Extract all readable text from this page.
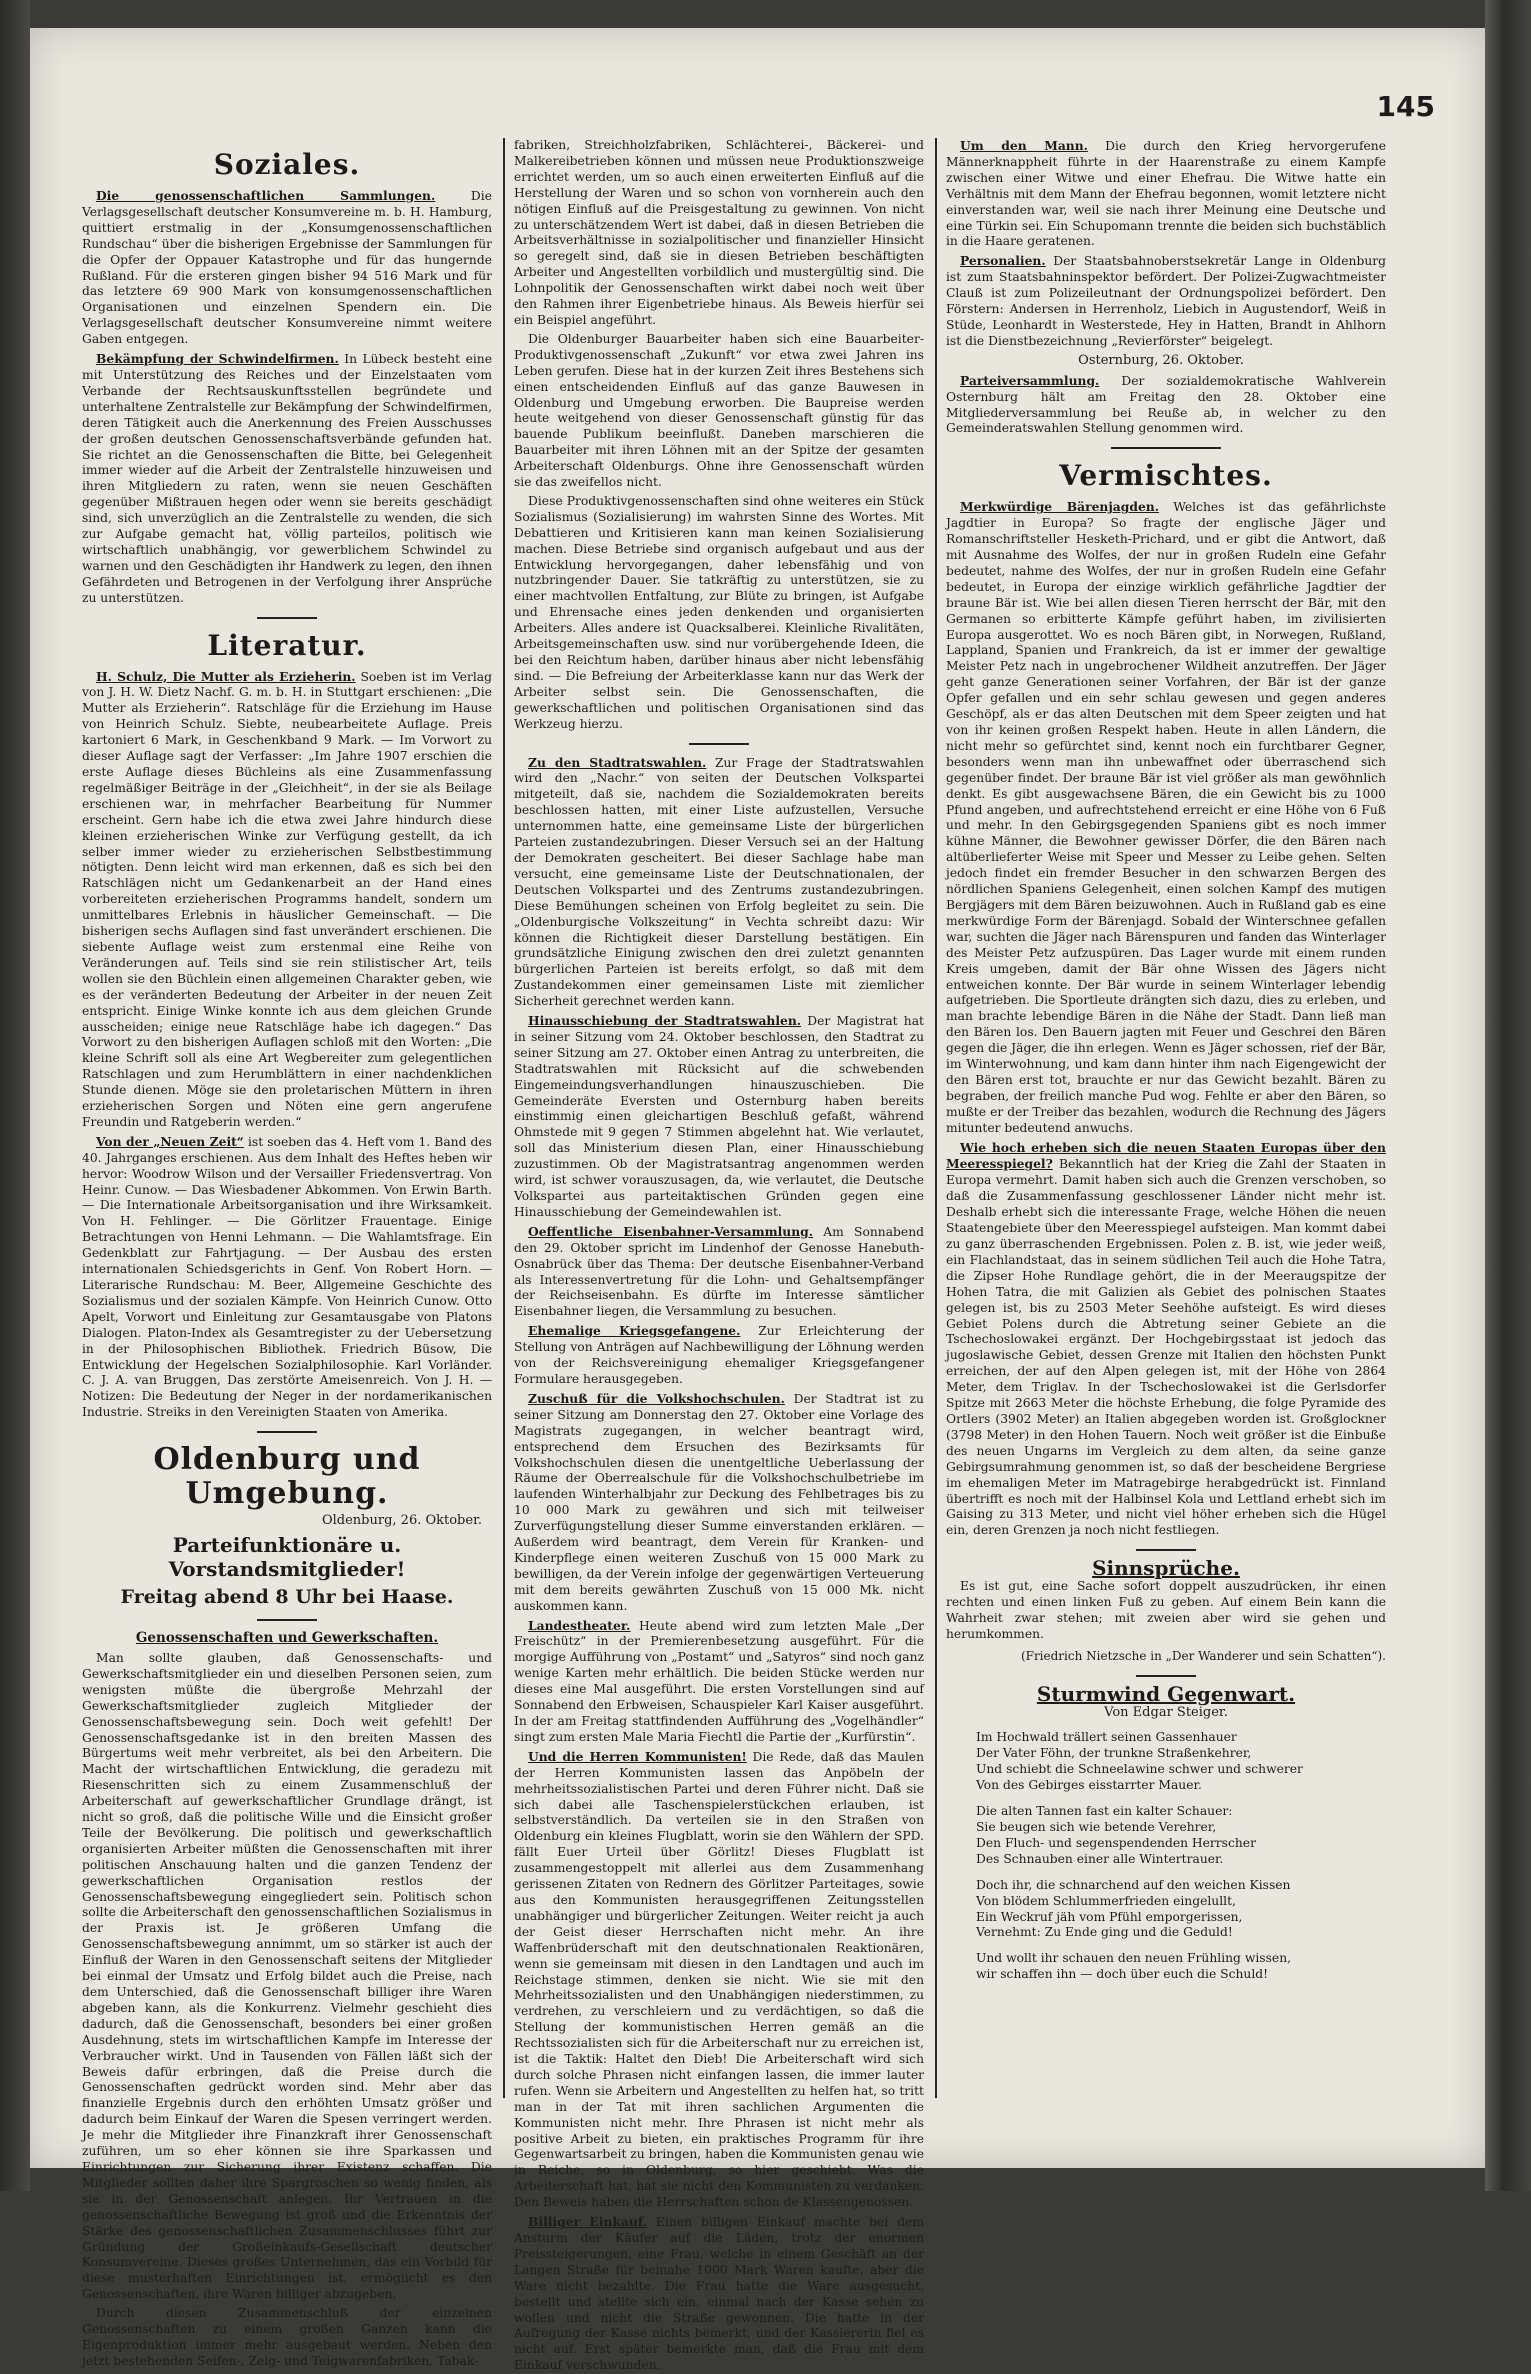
145
Soziales.

Die genossenschaftlichen Sammlungen.	Die Verlagsgesellschaft deutscher Konsumvereine m. b. H. Hamburg, quittiert erstmalig in der „Konsumgenossenschaftlichen Rundschau“ über die bisherigen Ergebnisse der Sammlungen für die Opfer der Oppauer Katastrophe und für das hungernde Rußland. Für die ersteren gingen bisher 94 516 Mark und für das letztere 69 900 Mark von konsumgenossenschaftlichen Organisationen und einzelnen Spendern ein. Die Verlagsgesellschaft deutscher Konsumvereine nimmt weitere Gaben entgegen.

Bekämpfung der Schwindelfirmen. In Lübeck besteht eine mit Unterstützung des Reiches und der Einzelstaaten vom Verbande der Rechtsauskunftsstellen begründete und unterhaltene Zentralstelle zur Bekämpfung der Schwindelfirmen, deren Tätigkeit auch die Anerkennung des Freien Ausschusses der großen deutschen Genossenschaftsverbände gefunden hat. Sie richtet an die Genossenschaften die Bitte, bei Gelegenheit immer wieder auf die Arbeit der Zentralstelle hinzuweisen und ihren Mitgliedern zu raten, wenn sie neuen Geschäften gegenüber Mißtrauen hegen oder wenn sie bereits geschädigt sind, sich unverzüglich an die Zentralstelle zu wenden, die sich zur Aufgabe gemacht hat, völlig parteilos, politisch wie wirtschaftlich unabhängig, vor gewerblichem Schwindel zu warnen und den Geschädigten ihr Handwerk zu legen, den ihnen Gefährdeten und Betrogenen in der Verfolgung ihrer Ansprüche zu unterstützen.

Literatur.

H. Schulz, Die Mutter als Erzieherin. Soeben ist im Verlag von J. H. W. Dietz Nachf. G. m. b. H. in Stuttgart erschienen: „Die Mutter als Erzieherin“. Ratschläge für die Erziehung im Hause von Heinrich Schulz. Siebte, neubearbeitete Auflage. Preis kartoniert 6 Mark, in Geschenkband 9 Mark. — Im Vorwort zu dieser Auflage sagt der Verfasser: „Im Jahre 1907 erschien die erste Auflage dieses Büchleins als eine Zusammenfassung regelmäßiger Beiträge in der „Gleichheit“, in der sie als Beilage erschienen war, in mehrfacher Bearbeitung für Nummer erscheint. Gern habe ich die etwa zwei Jahre hindurch diese kleinen erzieherischen Winke zur Verfügung gestellt, da ich selber immer wieder zu erzieherischen Selbstbestimmung nötigten. Denn leicht wird man erkennen, daß es sich bei den Ratschlägen nicht um Gedankenarbeit an der Hand eines vorbereiteten erzieherischen Programms handelt, sondern um unmittelbares Erlebnis in häuslicher Gemeinschaft. — Die bisherigen sechs Auflagen sind fast unverändert erschienen. Die siebente Auflage weist zum erstenmal eine Reihe von Veränderungen auf. Teils sind sie rein stilistischer Art, teils wollen sie den Büchlein einen allgemeinen Charakter geben, wie es der veränderten Bedeutung der Arbeiter in der neuen Zeit entspricht. Einige Winke konnte ich aus dem gleichen Grunde ausscheiden; einige neue Ratschläge habe ich dagegen.“ Das Vorwort zu den bisherigen Auflagen schloß mit den Worten: „Die kleine Schrift soll als eine Art Wegbereiter zum gelegentlichen Ratschlagen und zum Herumblättern in einer nachdenklichen Stunde dienen. Möge sie den proletarischen Müttern in ihren erzieherischen Sorgen und Nöten eine gern angerufene Freundin und Ratgeberin werden.“

Von der „Neuen Zeit“ ist soeben das 4. Heft vom 1. Band des 40. Jahrganges erschienen. Aus dem Inhalt des Heftes heben wir hervor: Woodrow Wilson und der Versailler Friedensvertrag. Von Heinr. Cunow. — Das Wiesbadener Abkommen. Von Erwin Barth. — Die Internationale Arbeitsorganisation und ihre Wirksamkeit. Von H. Fehlinger. — Die Görlitzer Frauentage. Einige Betrachtungen von Henni Lehmann. — Die Wahlamtsfrage. Ein Gedenkblatt zur Fahrtjagung. — Der Ausbau des ersten internationalen Schiedsgerichts in Genf. Von Robert Horn. — Literarische Rundschau: M. Beer, Allgemeine Geschichte des Sozialismus und der sozialen Kämpfe. Von Heinrich Cunow. Otto Apelt, Vorwort und Einleitung zur Gesamtausgabe von Platons Dialogen. Platon-Index als Gesamtregister zu der Uebersetzung in der Philosophischen Bibliothek. Friedrich Büsow, Die Entwicklung der Hegelschen Sozialphilosophie. Karl Vorländer. C. J. A. van Bruggen, Das zerstörte Ameisenreich. Von J. H. — Notizen: Die Bedeutung der Neger in der nordamerikanischen Industrie. Streiks in den Vereinigten Staaten von Amerika.

Oldenburg und Umgebung.
Oldenburg, 26. Oktober.
Parteifunktionäre u. Vorstandsmitglieder!
Freitag abend 8 Uhr bei Haase.
Genossenschaften und Gewerkschaften.

Man sollte glauben, daß Genossenschafts- und Gewerkschaftsmitglieder ein und dieselben Personen seien, zum wenigsten müßte die übergroße Mehrzahl der Gewerkschaftsmitglieder zugleich Mitglieder der Genossenschaftsbewegung sein. Doch weit gefehlt! Der Genossenschaftsgedanke ist in den breiten Massen des Bürgertums weit mehr verbreitet, als bei den Arbeitern. Die Macht der wirtschaftlichen Entwicklung, die geradezu mit Riesenschritten sich zu einem Zusammenschluß der Arbeiterschaft auf gewerkschaftlicher Grundlage drängt, ist nicht so groß, daß die politische Wille und die Einsicht großer Teile der Bevölkerung. Die politisch und gewerkschaftlich organisierten Arbeiter müßten die Genossenschaften mit ihrer politischen Anschauung halten und die ganzen Tendenz der gewerkschaftlichen Organisation restlos der Genossenschaftsbewegung eingegliedert sein. Politisch schon sollte die Arbeiterschaft den genossenschaftlichen Sozialismus in der Praxis ist. Je größeren Umfang die Genossenschaftsbewegung annimmt, um so stärker ist auch der Einfluß der Waren in den Genossenschaft seitens der Mitglieder bei einmal der Umsatz und Erfolg bildet auch die Preise, nach dem Unterschied, daß die Genossenschaft billiger ihre Waren abgeben kann, als die Konkurrenz. Vielmehr geschieht dies dadurch, daß die Genossenschaft, besonders bei einer großen Ausdehnung, stets im wirtschaftlichen Kampfe im Interesse der Verbraucher wirkt. Und in Tausenden von Fällen läßt sich der Beweis dafür erbringen, daß die Preise durch die Genossenschaften gedrückt worden sind. Mehr aber das finanzielle Ergebnis durch den erhöhten Umsatz größer und dadurch beim Einkauf der Waren die Spesen verringert werden. Je mehr die Mitglieder ihre Finanzkraft ihrer Genossenschaft zuführen, um so eher können sie ihre Sparkassen und Einrichtungen zur Sicherung ihrer Existenz schaffen. Die Mitglieder sollten daher ihre Spargroschen so wenig finden, als sie in der Genossenschaft anlegen. Ihr Vertrauen in die genossenschaftliche Bewegung ist groß und die Erkenntnis der Stärke des genossenschaftlichen Zusammenschlusses führt zur Gründung der Großeinkaufs-Gesellschaft deutscher Konsumvereine. Dieses großes Unternehmen, das ein Vorbild für diese musterhaften Einrichtungen ist, ermöglicht es den Genossenschaften, ihre Waren billiger abzugeben.

Durch diesen Zusammenschluß der einzelnen Genossenschaften zu einem großen Ganzen kann die Eigenproduktion immer mehr ausgebaut werden. Neben den jetzt bestehenden Seifen-, Zeig- und Teigwarenfabriken, Tabak-

fabriken, Streichholzfabriken, Schlächterei-, Bäckerei- und Malkereibetrieben können und müssen neue Produktionszweige errichtet werden, um so auch einen erweiterten Einfluß auf die Herstellung der Waren und so schon von vornherein auch den nötigen Einfluß auf die Preisgestaltung zu gewinnen. Von nicht zu unterschätzendem Wert ist dabei, daß in diesen Betrieben die Arbeitsverhältnisse in sozialpolitischer und finanzieller Hinsicht so geregelt sind, daß sie in diesen Betrieben beschäftigten Arbeiter und Angestellten vorbildlich und mustergültig sind. Die Lohnpolitik der Genossenschaften wirkt dabei noch weit über den Rahmen ihrer Eigenbetriebe hinaus. Als Beweis hierfür sei ein Beispiel angeführt.

Die Oldenburger Bauarbeiter haben sich eine Bauarbeiter-Produktivgenossenschaft „Zukunft“ vor etwa zwei Jahren ins Leben gerufen. Diese hat in der kurzen Zeit ihres Bestehens sich einen entscheidenden Einfluß auf das ganze Bauwesen in Oldenburg und Umgebung erworben. Die Baupreise werden heute weitgehend von dieser Genossenschaft günstig für das bauende Publikum beeinflußt. Daneben marschieren die Bauarbeiter mit ihren Löhnen mit an der Spitze der gesamten Arbeiterschaft Oldenburgs. Ohne ihre Genossenschaft würden sie das zweifellos nicht.

Diese Produktivgenossenschaften sind ohne weiteres ein Stück Sozialismus (Sozialisierung) im wahrsten Sinne des Wortes. Mit Debattieren und Kritisieren kann man keinen Sozialisierung machen. Diese Betriebe sind organisch aufgebaut und aus der Entwicklung hervorgegangen, daher lebensfähig und von nutzbringender Dauer. Sie tatkräftig zu unterstützen, sie zu einer machtvollen Entfaltung, zur Blüte zu bringen, ist Aufgabe und Ehrensache eines jeden denkenden und organisierten Arbeiters. Alles andere ist Quacksalberei. Kleinliche Rivalitäten, Arbeitsgemeinschaften usw. sind nur vorübergehende Ideen, die bei den Reichtum haben, darüber hinaus aber nicht lebensfähig sind. — Die Befreiung der Arbeiterklasse kann nur das Werk der Arbeiter selbst sein. Die Genossenschaften, die gewerkschaftlichen und politischen Organisationen sind das Werkzeug hierzu.

Zu den Stadtratswahlen. Zur Frage der Stadtratswahlen wird den „Nachr.“ von seiten der Deutschen Volkspartei mitgeteilt, daß sie, nachdem die Sozialdemokraten bereits beschlossen hatten, mit einer Liste aufzustellen, Versuche unternommen hatte, eine gemeinsame Liste der bürgerlichen Parteien zustandezubringen. Dieser Versuch sei an der Haltung der Demokraten gescheitert. Bei dieser Sachlage habe man versucht, eine gemeinsame Liste der Deutschnationalen, der Deutschen Volkspartei und des Zentrums zustandezubringen. Diese Bemühungen scheinen von Erfolg begleitet zu sein. Die „Oldenburgische Volkszeitung“ in Vechta schreibt dazu: Wir können die Richtigkeit dieser Darstellung bestätigen. Ein grundsätzliche Einigung zwischen den drei zuletzt genannten bürgerlichen Parteien ist bereits erfolgt, so daß mit dem Zustandekommen einer gemeinsamen Liste mit ziemlicher Sicherheit gerechnet werden kann.

Hinausschiebung der Stadtratswahlen. Der Magistrat hat in seiner Sitzung vom 24. Oktober beschlossen, den Stadtrat zu seiner Sitzung am 27. Oktober einen Antrag zu unterbreiten, die Stadtratswahlen mit Rücksicht auf die schwebenden Eingemeindungsverhandlungen hinauszuschieben. Die Gemeinderäte Eversten und Osternburg haben bereits einstimmig einen gleichartigen Beschluß gefaßt, während Ohmstede mit 9 gegen 7 Stimmen abgelehnt hat. Wie verlautet, soll das Ministerium diesen Plan, einer Hinausschiebung zuzustimmen. Ob der Magistratsantrag angenommen werden wird, ist schwer vorauszusagen, da, wie verlautet, die Deutsche Volkspartei aus parteitaktischen Gründen gegen eine Hinausschiebung der Gemeindewahlen ist.

Oeffentliche Eisenbahner-Versammlung. Am Sonnabend den 29. Oktober spricht im Lindenhof der Genosse Hanebuth-Osnabrück über das Thema: Der deutsche Eisenbahner-Verband als Interessenvertretung für die Lohn- und Gehaltsempfänger der Reichseisenbahn. Es dürfte im Interesse sämtlicher Eisenbahner liegen, die Versammlung zu besuchen.

Ehemalige Kriegsgefangene. Zur Erleichterung der Stellung von Anträgen auf Nachbewilligung der Löhnung werden von der Reichsvereinigung ehemaliger Kriegsgefangener Formulare herausgegeben.

Zuschuß für die Volkshochschulen. Der Stadtrat ist zu seiner Sitzung am Donnerstag den 27. Oktober eine Vorlage des Magistrats zugegangen, in welcher beantragt wird, entsprechend dem Ersuchen des Bezirksamts für Volkshochschulen diesen die unentgeltliche Ueberlassung der Räume der Oberrealschule für die Volkshochschulbetriebe im laufenden Winterhalbjahr zur Deckung des Fehlbetrages bis zu 10 000 Mark zu gewähren und sich mit teilweiser Zurverfügungstellung dieser Summe einverstanden erklären. — Außerdem wird beantragt, dem Verein für Kranken- und Kinderpflege einen weiteren Zuschuß von 15 000 Mark zu bewilligen, da der Verein infolge der gegenwärtigen Verteuerung mit dem bereits gewährten Zuschuß von 15 000 Mk. nicht auskommen kann.

Landestheater. Heute abend wird zum letzten Male „Der Freischütz“ in der Premierenbesetzung ausgeführt. Für die morgige Aufführung von „Postamt“ und „Satyros“ sind noch ganz wenige Karten mehr erhältlich. Die beiden Stücke werden nur dieses eine Mal ausgeführt. Die ersten Vorstellungen sind auf Sonnabend den Erbweisen, Schauspieler Karl Kaiser ausgeführt. In der am Freitag stattfindenden Aufführung des „Vogelhändler“ singt zum ersten Male Maria Fiechtl die Partie der „Kurfürstin“.

Und die Herren Kommunisten! Die Rede, daß das Maulen der Herren Kommunisten lassen das Anpöbeln der mehrheitssozialistischen Partei und deren Führer nicht. Daß sie sich dabei alle Taschenspielerstückchen erlauben, ist selbstverständlich. Da verteilen sie in den Straßen von Oldenburg ein kleines Flugblatt, worin sie den Wählern der SPD. fällt Euer Urteil über Görlitz! Dieses Flugblatt ist zusammengestoppelt mit allerlei aus dem Zusammenhang gerissenen Zitaten von Rednern des Görlitzer Parteitages, sowie aus den Kommunisten herausgegriffenen Zeitungsstellen unabhängiger und bürgerlicher Zeitungen. Weiter reicht ja auch der Geist dieser Herrschaften nicht mehr. An ihre Waffenbrüderschaft mit den deutschnationalen Reaktionären, wenn sie gemeinsam mit diesen in den Landtagen und auch im Reichstage stimmen, denken sie nicht. Wie sie mit den Mehrheitssozialisten und den Unabhängigen niederstimmen, zu verdrehen, zu verschleiern und zu verdächtigen, so daß die Stellung der kommunistischen Herren gemäß an die Rechtssozialisten sich für die Arbeiterschaft nur zu erreichen ist, ist die Taktik: Haltet den Dieb! Die Arbeiterschaft wird sich durch solche Phrasen nicht einfangen lassen, die immer lauter rufen. Wenn sie Arbeitern und Angestellten zu helfen hat, so tritt man in der Tat mit ihren sachlichen Argumenten die Kommunisten nicht mehr. Ihre Phrasen ist nicht mehr als positive Arbeit zu bieten, ein praktisches Programm für ihre Gegenwartsarbeit zu bringen, haben die Kommunisten genau wie in Reiche, so in Oldenburg, so hier geschieht. Was die Arbeiterschaft hat, hat sie nicht den Kommunisten zu verdanken. Den Beweis haben die Herrschaften schon de Klassengenossen.

Billiger Einkauf. Einen billigen Einkauf machte bei dem Ansturm der Käufer auf die Läden, trotz der enormen Preissteigerungen, eine Frau, welche in einem Geschäft an der Langen Straße für beinahe 1000 Mark Waren kaufte, aber die Ware nicht bezahlte. Die Frau hatte die Ware ausgesucht, bestellt und stellte sich ein, einmal nach der Kasse sehen zu wollen und nicht die Straße gewonnen. Die hatte in der Aufregung der Kasse nichts bemerkt, und der Kassiererin fiel es nicht auf. Erst später bemerkte man, daß die Frau mit dem Einkauf verschwunden.

Um den Mann. Die durch den Krieg hervorgerufene Männerknappheit führte in der Haarenstraße zu einem Kampfe zwischen einer Witwe und einer Ehefrau. Die Witwe hatte ein Verhältnis mit dem Mann der Ehefrau begonnen, womit letztere nicht einverstanden war, weil sie nach ihrer Meinung eine Deutsche und eine Türkin sei. Ein Schupomann trennte die beiden sich buchstäblich in die Haare geratenen.

Personalien. Der Staatsbahnoberstsekretär Lange in Oldenburg ist zum Staatsbahninspektor befördert. Der Polizei-Zugwachtmeister Clauß ist zum Polizeileutnant der Ordnungspolizei befördert. Den Förstern: Andersen in Herrenholz, Liebich in Augustendorf, Weiß in Stüde, Leonhardt in Westerstede, Hey in Hatten, Brandt in Ahlhorn ist die Dienstbezeichnung „Revierförster“ beigelegt.

Osternburg, 26. Oktober.

Parteiversammlung. Der sozialdemokratische Wahlverein Osternburg hält am Freitag den 28. Oktober eine Mitgliederversammlung bei Reuße ab, in welcher zu den Gemeinderatswahlen Stellung genommen wird.

Vermischtes.

Merkwürdige Bärenjagden. Welches ist das gefährlichste Jagdtier in Europa? So fragte der englische Jäger und Romanschriftsteller Hesketh-Prichard, und er gibt die Antwort, daß mit Ausnahme des Wolfes, der nur in großen Rudeln eine Gefahr bedeutet, nahme des Wolfes, der nur in großen Rudeln eine Gefahr bedeutet, in Europa der einzige wirklich gefährliche Jagdtier der braune Bär ist. Wie bei allen diesen Tieren herrscht der Bär, mit den Germanen so erbitterte Kämpfe geführt haben, im zivilisierten Europa ausgerottet. Wo es noch Bären gibt, in Norwegen, Rußland, Lappland, Spanien und Frankreich, da ist er immer der gewaltige Meister Petz nach in ungebrochener Wildheit anzutreffen. Der Jäger geht ganze Generationen seiner Vorfahren, der Bär ist der ganze Opfer gefallen und ein sehr schlau gewesen und gegen anderes Geschöpf, als er das alten Deutschen mit dem Speer zeigten und hat von ihr keinen großen Respekt haben. Heute in allen Ländern, die nicht mehr so gefürchtet sind, kennt noch ein furchtbarer Gegner, besonders wenn man ihn unbewaffnet oder überraschend sich gegenüber findet. Der braune Bär ist viel größer als man gewöhnlich denkt. Es gibt ausgewachsene Bären, die ein Gewicht bis zu 1000 Pfund angeben, und aufrechtstehend erreicht er eine Höhe von 6 Fuß und mehr. In den Gebirgsgegenden Spaniens gibt es noch immer kühne Männer, die Bewohner gewisser Dörfer, die den Bären nach altüberlieferter Weise mit Speer und Messer zu Leibe gehen. Selten jedoch findet ein fremder Besucher in den schwarzen Bergen des nördlichen Spaniens Gelegenheit, einen solchen Kampf des mutigen Bergjägers mit dem Bären beizuwohnen. Auch in Rußland gab es eine merkwürdige Form der Bärenjagd. Sobald der Winterschnee gefallen war, suchten die Jäger nach Bärenspuren und fanden das Winterlager des Meister Petz aufzuspüren. Das Lager wurde mit einem runden Kreis umgeben, damit der Bär ohne Wissen des Jägers nicht entweichen konnte. Der Bär wurde in seinem Winterlager lebendig aufgetrieben. Die Sportleute drängten sich dazu, dies zu erleben, und man brachte lebendige Bären in die Nähe der Stadt. Dann ließ man den Bären los. Den Bauern jagten mit Feuer und Geschrei den Bären gegen die Jäger, die ihn erlegen. Wenn es Jäger schossen, rief der Bär, im Winterwohnung, und kam dann hinter ihm nach Eigengewicht der den Bären erst tot, brauchte er nur das Gewicht bezahlt. Bären zu begraben, der freilich manche Pud wog. Fehlte er aber den Bären, so mußte er der Treiber das bezahlen, wodurch die Rechnung des Jägers mitunter bedeutend anwuchs.

Wie hoch erheben sich die neuen Staaten Europas über den Meeresspiegel? Bekanntlich hat der Krieg die Zahl der Staaten in Europa vermehrt. Damit haben sich auch die Grenzen verschoben, so daß die Zusammenfassung geschlossener Länder nicht mehr ist. Deshalb erhebt sich die interessante Frage, welche Höhen die neuen Staatengebiete über den Meeresspiegel aufsteigen. Man kommt dabei zu ganz überraschenden Ergebnissen. Polen z. B. ist, wie jeder weiß, ein Flachlandstaat, das in seinem südlichen Teil auch die Hohe Tatra, die Zipser Hohe Rundlage gehört, die in der Meeraugspitze der Hohen Tatra, die mit Galizien als Gebiet des polnischen Staates gelegen ist, bis zu 2503 Meter Seehöhe aufsteigt. Es wird dieses Gebiet Polens durch die Abtretung seiner Gebiete an die Tschechoslowakei ergänzt. Der Hochgebirgsstaat ist jedoch das jugoslawische Gebiet, dessen Grenze mit Italien den höchsten Punkt erreichen, der auf den Alpen gelegen ist, mit der Höhe von 2864 Meter, dem Triglav. In der Tschechoslowakei ist die Gerlsdorfer Spitze mit 2663 Meter die höchste Erhebung, die folge Pyramide des Ortlers (3902 Meter) an Italien abgegeben worden ist. Großglockner (3798 Meter) in den Hohen Tauern. Noch weit größer ist die Einbuße des neuen Ungarns im Vergleich zu dem alten, da seine ganze Gebirgsumrahmung genommen ist, so daß der bescheidene Bergriese im ehemaligen Meter im Matragebirge herabgedrückt ist. Finnland übertrifft es noch mit der Halbinsel Kola und Lettland erhebt sich im Gaising zu 313 Meter, und nicht viel höher erheben sich die Hügel ein, deren Grenzen ja noch nicht festliegen.

Sinnsprüche.

Es ist gut, eine Sache sofort doppelt auszudrücken, ihr einen rechten und einen linken Fuß zu geben. Auf einem Bein kann die Wahrheit zwar stehen; mit zweien aber wird sie gehen und herumkommen.

(Friedrich Nietzsche in „Der Wanderer und sein Schatten“).
Sturmwind Gegenwart.
Von Edgar Steiger.
Im Hochwald trällert seinen Gassenhauer
Der Vater Föhn, der trunkne Straßenkehrer,
Und schiebt die Schneelawine schwer und schwerer
Von des Gebirges eisstarrter Mauer.
Die alten Tannen fast ein kalter Schauer:
Sie beugen sich wie betende Verehrer,
Den Fluch- und segenspendenden Herrscher
Des Schnauben einer alle Wintertrauer.
Doch ihr, die schnarchend auf den weichen Kissen
Von blödem Schlummerfrieden eingelullt,
Ein Weckruf jäh vom Pfühl emporgerissen,
Vernehmt: Zu Ende ging und die Geduld!
Und wollt ihr schauen den neuen Frühling wissen,
wir schaffen ihn — doch über euch die Schuld!
